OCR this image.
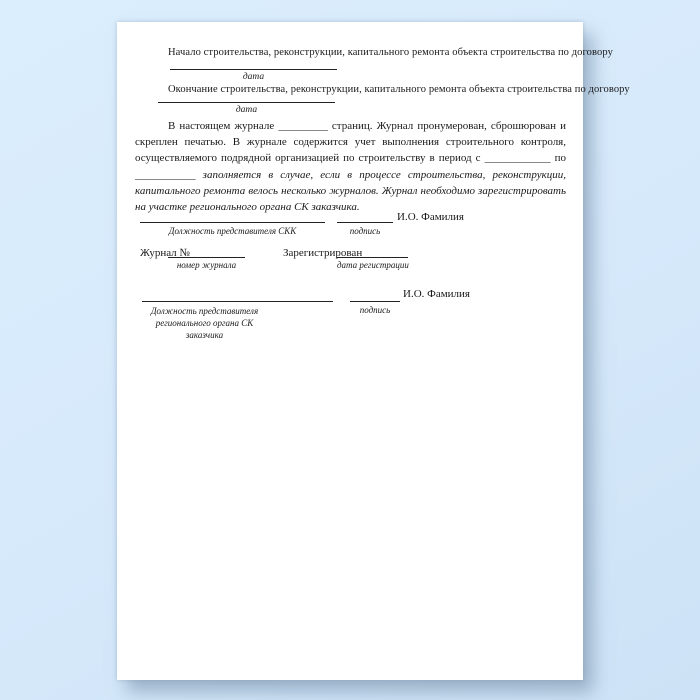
Начало строительства, реконструкции, капитального ремонта объекта строительства по договору
дата
Окончание строительства, реконструкции, капитального ремонта объекта строительства по договору
дата
В настоящем журнале _________ страниц. Журнал пронумерован, сброшюрован и скреплен печатью. В журнале содержится учет выполнения строительного контроля, осуществляемого подрядной организацией по строительству в период с ____________ по ___________ заполняется в случае, если в процессе строительства, реконструкции, капитального ремонта велось несколько журналов. Журнал необходимо зарегистрировать на участке регионального органа СК заказчика.
И.О. Фамилия
Должность представителя СКК	подпись
Журнал №	Зарегистрирован
номер журнала	дата регистрации
И.О. Фамилия
Должность представителя
регионального органа СК заказчика
подпись
